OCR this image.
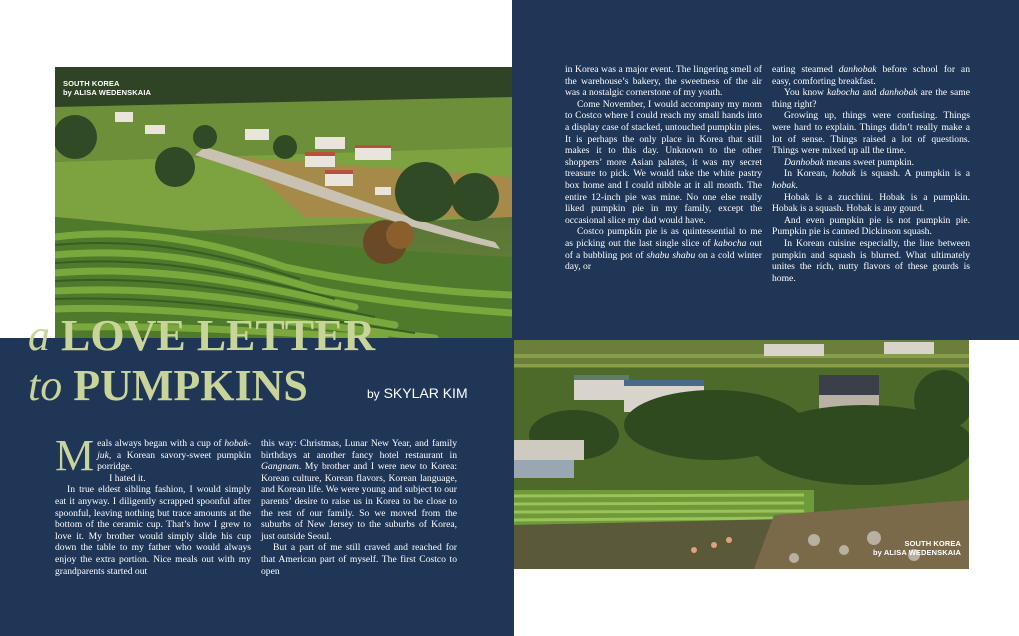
SOUTH KOREA
by ALISA WEDENSKAIA
SOUTH KOREA
by ALISA WEDENSKAIA
a LOVE LETTER
to PUMPKINS	by SKYLAR KIM
M eals always began with a cup of hobak-juk, a Korean savory-sweet pumpkin porridge.

I hated it.

In true eldest sibling fashion, I would simply eat it anyway. I diligently scrapped spoonful after spoonful, leaving nothing but trace amounts at the bottom of the ceramic cup. That’s how I grew to love it. My brother would simply slide his cup down the table to my father who would always enjoy the extra portion. Nice meals out with my grandparents started out

this way: Christmas, Lunar New Year, and family birthdays at another fancy hotel restaurant in Gangnam. My brother and I were new to Korea: Korean culture, Korean flavors, Korean language, and Korean life. We were young and subject to our parents’ desire to raise us in Korea to be close to the rest of our family. So we moved from the suburbs of New Jersey to the suburbs of Korea, just outside Seoul.

But a part of me still craved and reached for that American part of myself. The first Costco to open

in Korea was a major event. The lingering smell of the warehouse’s bakery, the sweetness of the air was a nostalgic cornerstone of my youth.

Come November, I would accompany my mom to Costco where I could reach my small hands into a display case of stacked, untouched pumpkin pies. It is perhaps the only place in Korea that still makes it to this day. Unknown to the other shoppers’ more Asian palates, it was my secret treasure to pick. We would take the white pastry box home and I could nibble at it all month. The entire 12-inch pie was mine. No one else really liked pumpkin pie in my family, except the occasional slice my dad would have.

Costco pumpkin pie is as quintessential to me as picking out the last single slice of kabocha out of a bubbling pot of shabu shabu on a cold winter day, or

eating steamed danhobak before school for an easy, comforting breakfast.

You know kabocha and danhobak are the same thing right?

Growing up, things were confusing. Things were hard to explain. Things didn’t really make a lot of sense. Things raised a lot of questions. Things were mixed up all the time.

Danhobak means sweet pumpkin.

In Korean, hobak is squash. A pumpkin is a hobak.

Hobak is a zucchini. Hobak is a pumpkin. Hobak is a squash. Hobak is any gourd.

And even pumpkin pie is not pumpkin pie. Pumpkin pie is canned Dickinson squash.

In Korean cuisine especially, the line between pumpkin and squash is blurred. What ultimately unites the rich, nutty flavors of these gourds is home.
